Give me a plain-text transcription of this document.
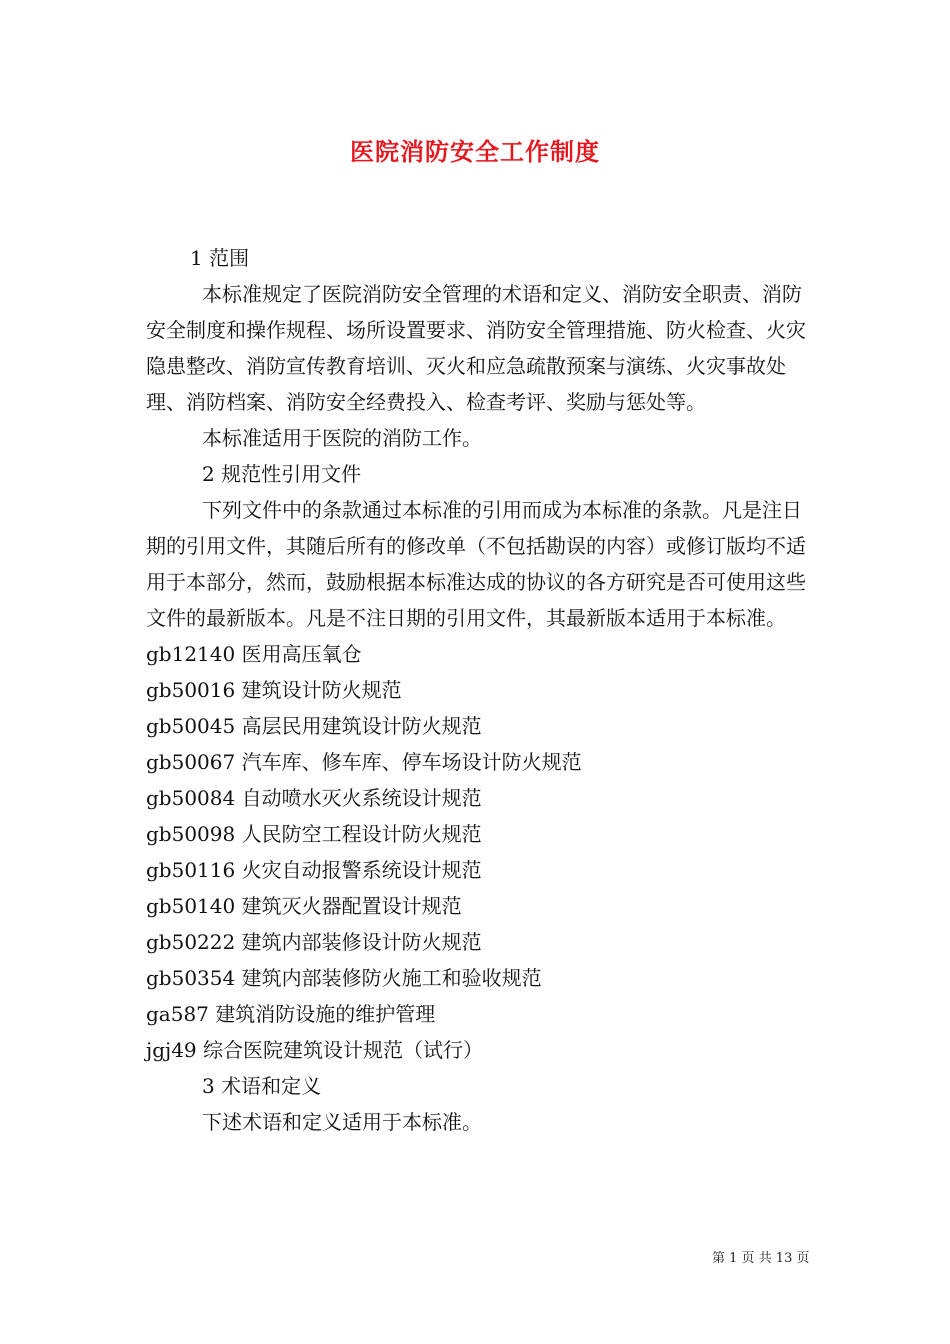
医院消防安全工作制度

1 范围

本标准规定了医院消防安全管理的术语和定义、消防安全职责、消防安全制度和操作规程、场所设置要求、消防安全管理措施、防火检查、火灾隐患整改、消防宣传教育培训、灭火和应急疏散预案与演练、火灾事故处理、消防档案、消防安全经费投入、检查考评、奖励与惩处等。

本标准适用于医院的消防工作。

2 规范性引用文件

下列文件中的条款通过本标准的引用而成为本标准的条款。凡是注日期的引用文件，其随后所有的修改单（不包括勘误的内容）或修订版均不适用于本部分，然而，鼓励根据本标准达成的协议的各方研究是否可使用这些文件的最新版本。凡是不注日期的引用文件，其最新版本适用于本标准。

gb12140 医用高压氧仓

gb50016 建筑设计防火规范

gb50045 高层民用建筑设计防火规范

gb50067 汽车库、修车库、停车场设计防火规范

gb50084 自动喷水灭火系统设计规范

gb50098 人民防空工程设计防火规范

gb50116 火灾自动报警系统设计规范

gb50140 建筑灭火器配置设计规范

gb50222 建筑内部装修设计防火规范

gb50354 建筑内部装修防火施工和验收规范

ga587 建筑消防设施的维护管理

jgj49 综合医院建筑设计规范（试行）

3 术语和定义

下述术语和定义适用于本标准。

第 1 页 共 13 页
